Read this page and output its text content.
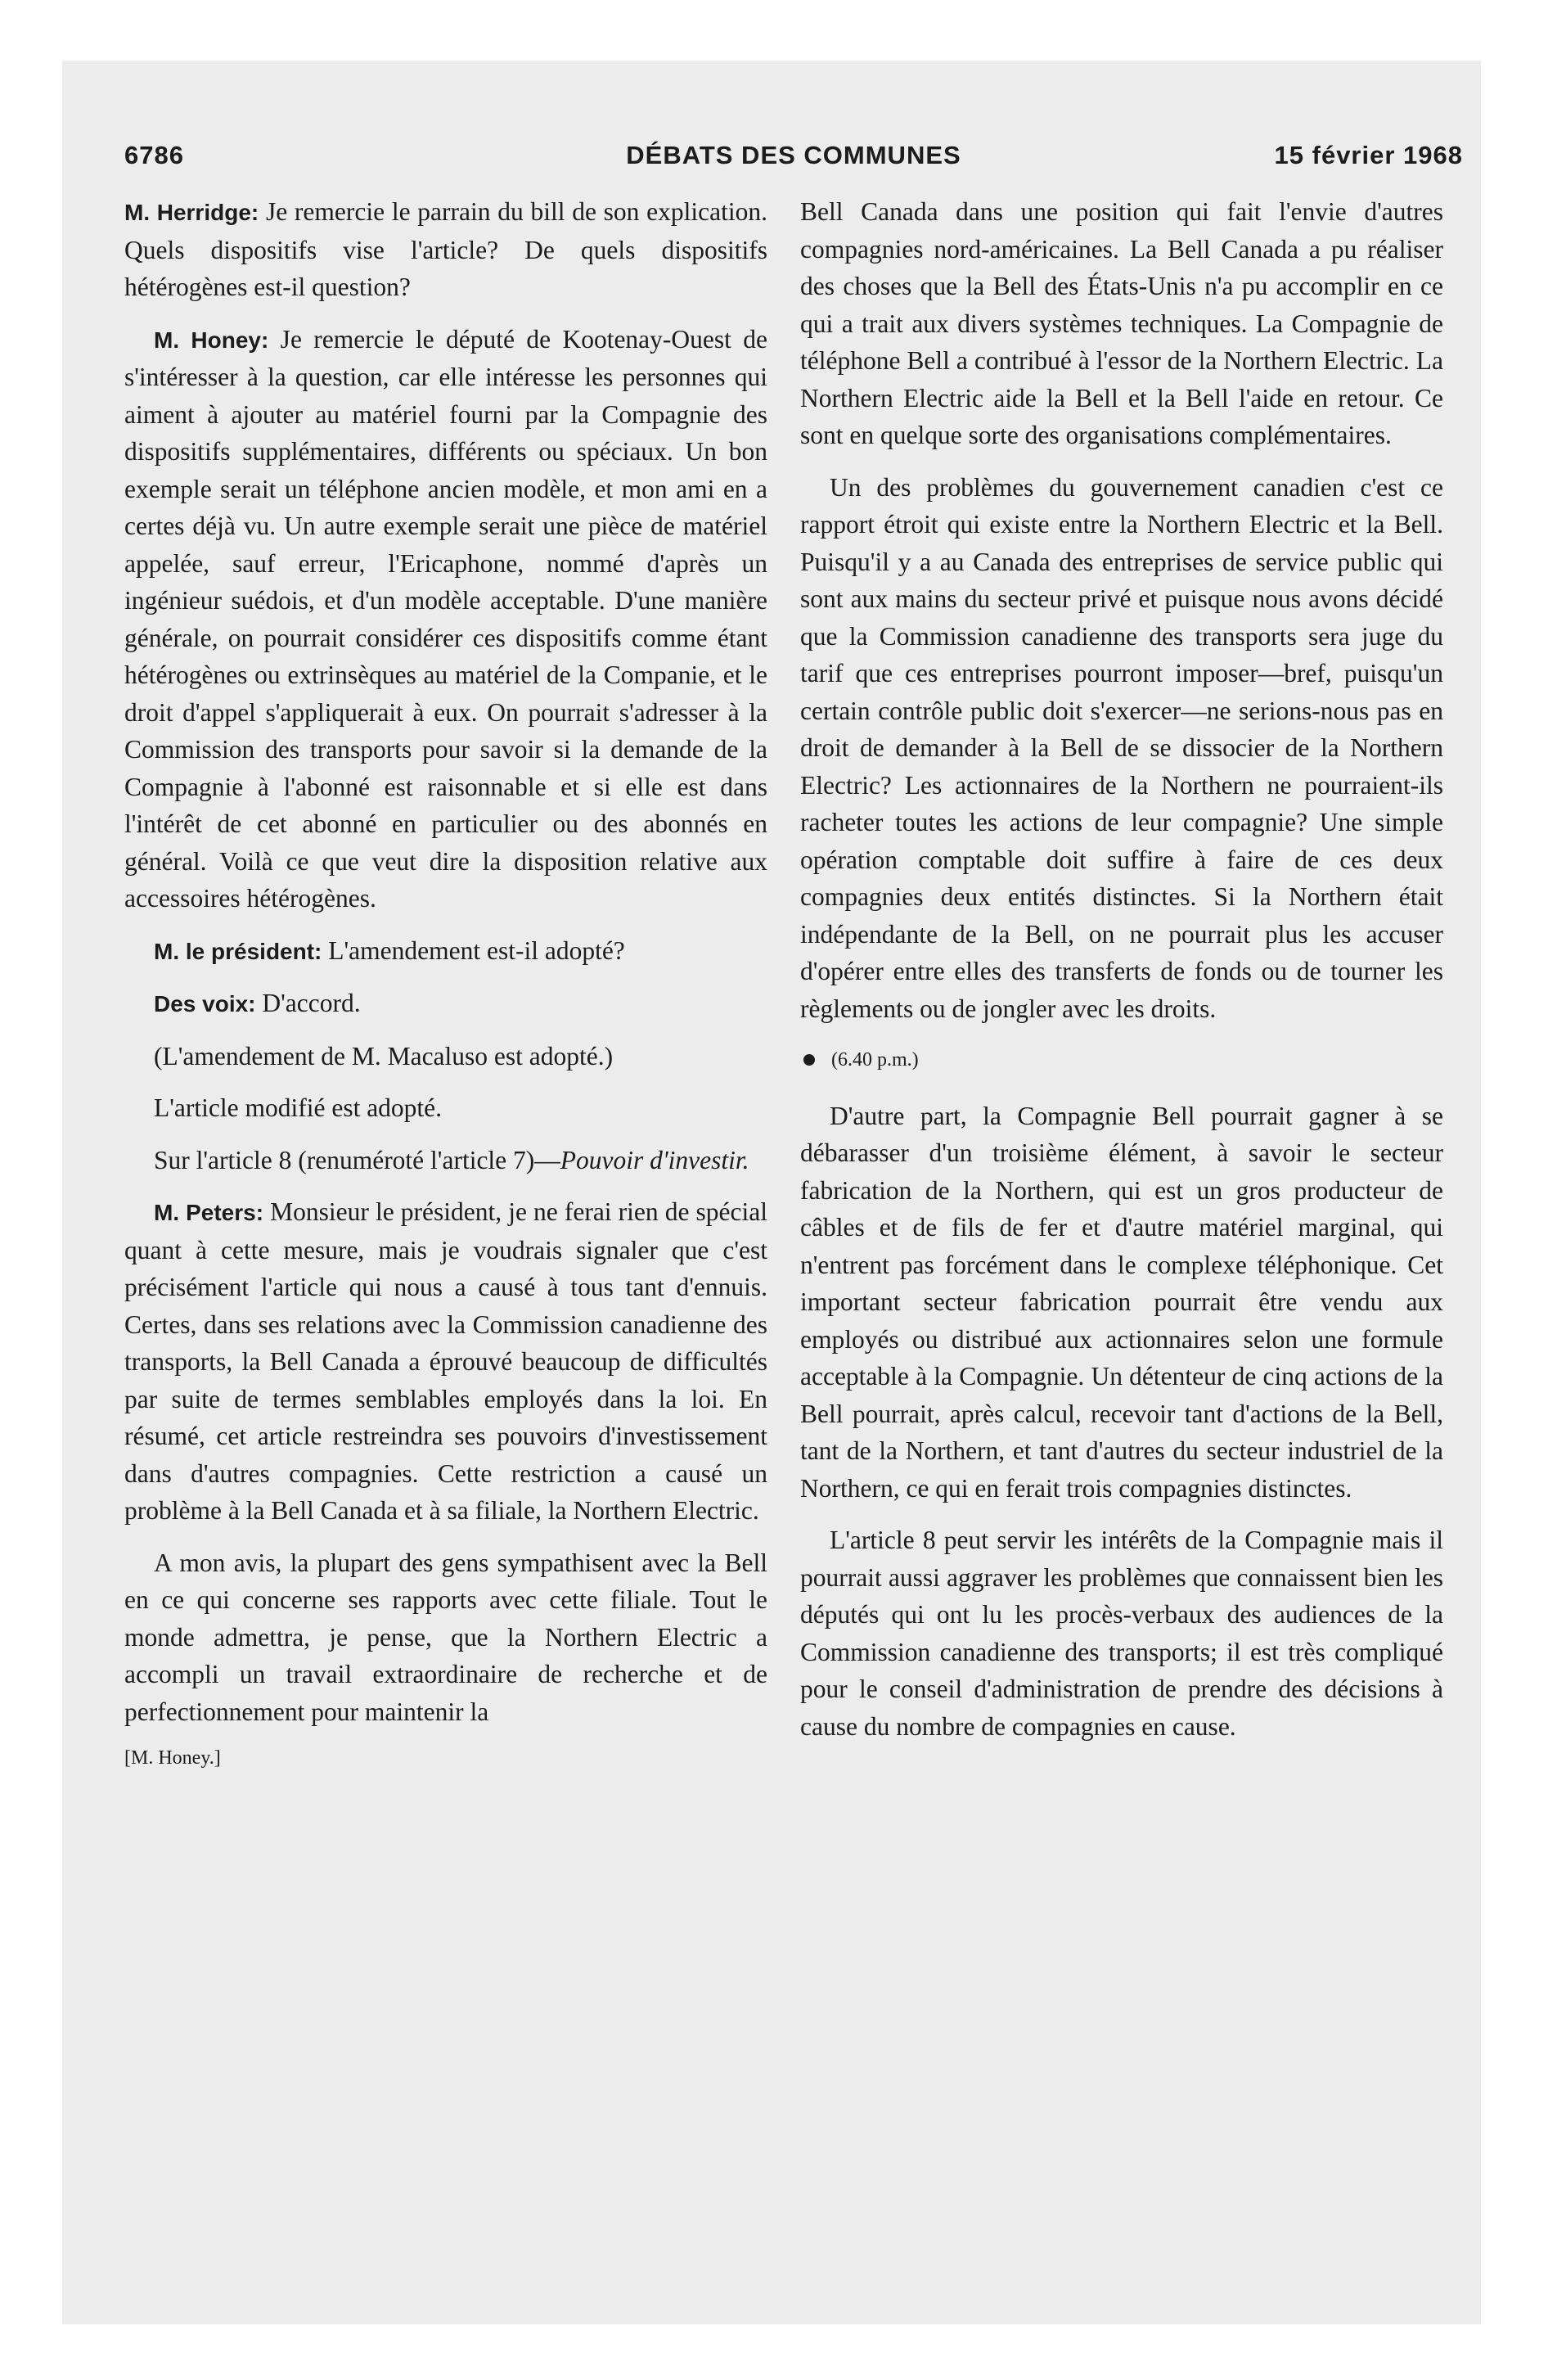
6786	DÉBATS DES COMMUNES	15 février 1968

M. Herridge: Je remercie le parrain du bill de son explication. Quels dispositifs vise l'article? De quels dispositifs hétérogènes est-il question?

M. Honey: Je remercie le député de Kootenay-Ouest de s'intéresser à la question, car elle intéresse les personnes qui aiment à ajouter au matériel fourni par la Compagnie des dispositifs supplémentaires, différents ou spéciaux. Un bon exemple serait un téléphone ancien modèle, et mon ami en a certes déjà vu. Un autre exemple serait une pièce de matériel appelée, sauf erreur, l'Ericaphone, nommé d'après un ingénieur suédois, et d'un modèle acceptable. D'une manière générale, on pourrait considérer ces dispositifs comme étant hétérogènes ou extrinsèques au matériel de la Companie, et le droit d'appel s'appliquerait à eux. On pourrait s'adresser à la Commission des transports pour savoir si la demande de la Compagnie à l'abonné est raisonnable et si elle est dans l'intérêt de cet abonné en particulier ou des abonnés en général. Voilà ce que veut dire la disposition relative aux accessoires hétérogènes.

M. le président: L'amendement est-il adopté?

Des voix: D'accord.

(L'amendement de M. Macaluso est adopté.)

L'article modifié est adopté.

Sur l'article 8 (renuméroté l'article 7)—Pouvoir d'investir.

M. Peters: Monsieur le président, je ne ferai rien de spécial quant à cette mesure, mais je voudrais signaler que c'est précisément l'article qui nous a causé à tous tant d'ennuis. Certes, dans ses relations avec la Commission canadienne des transports, la Bell Canada a éprouvé beaucoup de difficultés par suite de termes semblables employés dans la loi. En résumé, cet article restreindra ses pouvoirs d'investissement dans d'autres compagnies. Cette restriction a causé un problème à la Bell Canada et à sa filiale, la Northern Electric.

A mon avis, la plupart des gens sympathisent avec la Bell en ce qui concerne ses rapports avec cette filiale. Tout le monde admettra, je pense, que la Northern Electric a accompli un travail extraordinaire de recherche et de perfectionnement pour maintenir la

[M. Honey.]

Bell Canada dans une position qui fait l'envie d'autres compagnies nord-américaines. La Bell Canada a pu réaliser des choses que la Bell des États-Unis n'a pu accomplir en ce qui a trait aux divers systèmes techniques. La Compagnie de téléphone Bell a contribué à l'essor de la Northern Electric. La Northern Electric aide la Bell et la Bell l'aide en retour. Ce sont en quelque sorte des organisations complémentaires.

Un des problèmes du gouvernement canadien c'est ce rapport étroit qui existe entre la Northern Electric et la Bell. Puisqu'il y a au Canada des entreprises de service public qui sont aux mains du secteur privé et puisque nous avons décidé que la Commission canadienne des transports sera juge du tarif que ces entreprises pourront imposer—bref, puisqu'un certain contrôle public doit s'exercer—ne serions-nous pas en droit de demander à la Bell de se dissocier de la Northern Electric? Les actionnaires de la Northern ne pourraient-ils racheter toutes les actions de leur compagnie? Une simple opération comptable doit suffire à faire de ces deux compagnies deux entités distinctes. Si la Northern était indépendante de la Bell, on ne pourrait plus les accuser d'opérer entre elles des transferts de fonds ou de tourner les règlements ou de jongler avec les droits.

(6.40 p.m.)

D'autre part, la Compagnie Bell pourrait gagner à se débarasser d'un troisième élément, à savoir le secteur fabrication de la Northern, qui est un gros producteur de câbles et de fils de fer et d'autre matériel marginal, qui n'entrent pas forcément dans le complexe téléphonique. Cet important secteur fabrication pourrait être vendu aux employés ou distribué aux actionnaires selon une formule acceptable à la Compagnie. Un détenteur de cinq actions de la Bell pourrait, après calcul, recevoir tant d'actions de la Bell, tant de la Northern, et tant d'autres du secteur industriel de la Northern, ce qui en ferait trois compagnies distinctes.

L'article 8 peut servir les intérêts de la Compagnie mais il pourrait aussi aggraver les problèmes que connaissent bien les députés qui ont lu les procès-verbaux des audiences de la Commission canadienne des transports; il est très compliqué pour le conseil d'administration de prendre des décisions à cause du nombre de compagnies en cause.
